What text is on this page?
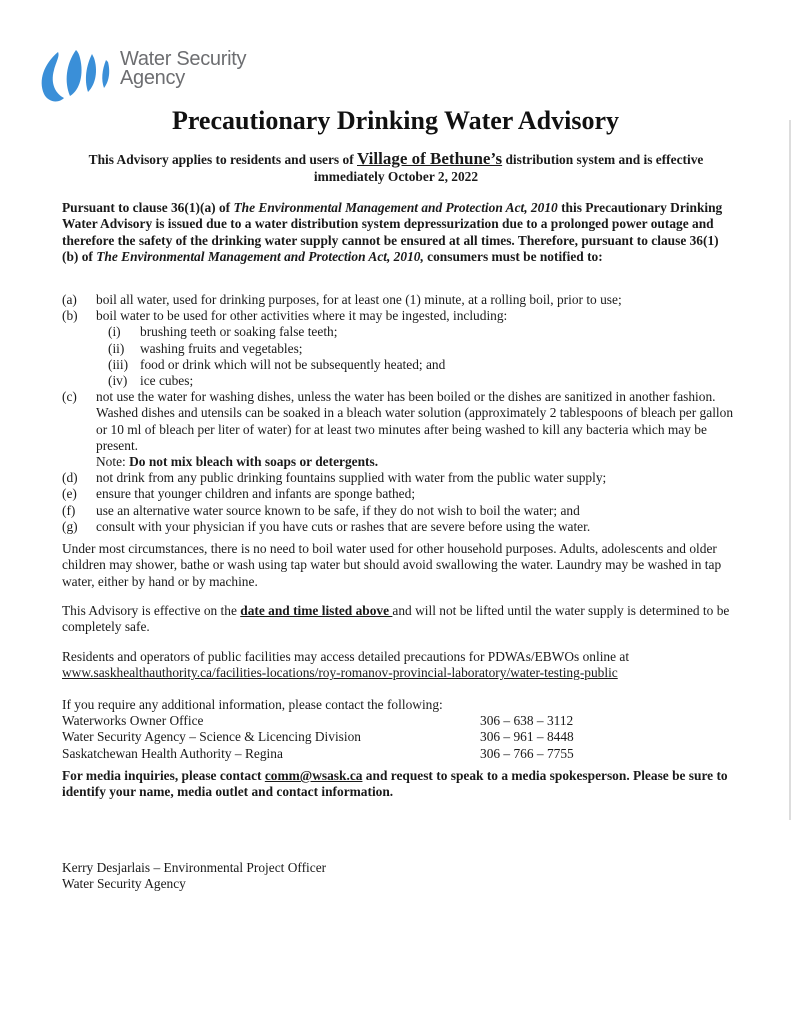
Water Security
Agency
Precautionary Drinking Water Advisory
This Advisory applies to residents and users of Village of Bethune’s distribution system and is effective immediately October 2, 2022
Pursuant to clause 36(1)(a) of The Environmental Management and Protection Act, 2010 this Precautionary Drinking Water Advisory is issued due to a water distribution system depressurization due to a prolonged power outage and therefore the safety of the drinking water supply cannot be ensured at all times. Therefore, pursuant to clause 36(1)(b) of The Environmental Management and Protection Act, 2010, consumers must be notified to:
(a)	boil all water, used for drinking purposes, for at least one (1) minute, at a rolling boil, prior to use;
(b)	boil water to be used for other activities where it may be ingested, including:
(i)	brushing teeth or soaking false teeth;
(ii)	washing fruits and vegetables;
(iii) food or drink which will not be subsequently heated; and
(iv) ice cubes;
(c)	not use the water for washing dishes, unless the water has been boiled or the dishes are sanitized in another fashion. Washed dishes and utensils can be soaked in a bleach water solution (approximately 2 tablespoons of bleach per gallon or 10 ml of bleach per liter of water) for at least two minutes after being washed to kill any bacteria which may be present.
Note: Do not mix bleach with soaps or detergents.
(d)	not drink from any public drinking fountains supplied with water from the public water supply;
(e)	ensure that younger children and infants are sponge bathed;
(f)	use an alternative water source known to be safe, if they do not wish to boil the water; and
(g)	consult with your physician if you have cuts or rashes that are severe before using the water.
Under most circumstances, there is no need to boil water used for other household purposes. Adults, adolescents and older children may shower, bathe or wash using tap water but should avoid swallowing the water. Laundry may be washed in tap water, either by hand or by machine.
This Advisory is effective on the date and time listed above and will not be lifted until the water supply is determined to be completely safe.
Residents and operators of public facilities may access detailed precautions for PDWAs/EBWOs online at www.saskhealthauthority.ca/facilities-locations/roy-romanov-provincial-laboratory/water-testing-public
If you require any additional information, please contact the following:
Waterworks Owner Office	306 – 638 – 3112
Water Security Agency – Science & Licencing Division	306 – 961 – 8448
Saskatchewan Health Authority – Regina	306 – 766 – 7755
For media inquiries, please contact comm@wsask.ca and request to speak to a media spokesperson. Please be sure to identify your name, media outlet and contact information.
Kerry Desjarlais – Environmental Project Officer
Water Security Agency
